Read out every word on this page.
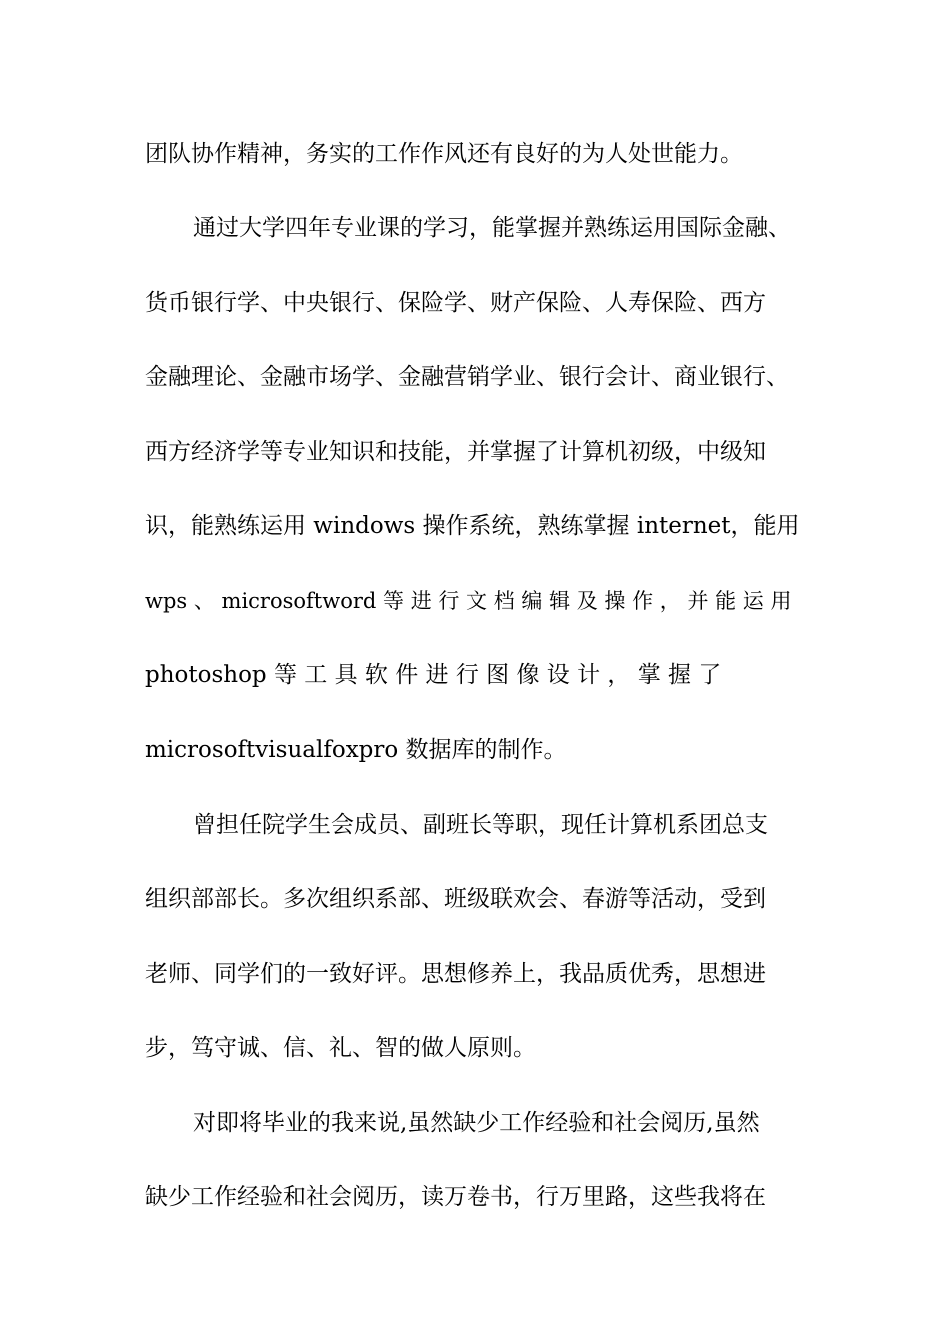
团队协作精神，务实的工作作风还有良好的为人处世能力。
通过大学四年专业课的学习，能掌握并熟练运用国际金融、
货币银行学、中央银行、保险学、财产保险、人寿保险、西方
金融理论、金融市场学、金融营销学业、银行会计、商业银行、
西方经济学等专业知识和技能，并掌握了计算机初级，中级知
识，能熟练运用 windows 操作系统，熟练掌握 internet，能用
wps 、 microsoftword 等 进 行 文 档 编 辑 及 操 作 ， 并 能 运 用
photoshop 等 工 具 软 件 进 行 图 像 设 计 ， 掌 握 了
microsoftvisualfoxpro 数据库的制作。
曾担任院学生会成员、副班长等职，现任计算机系团总支
组织部部长。多次组织系部、班级联欢会、春游等活动，受到
老师、同学们的一致好评。思想修养上，我品质优秀，思想进
步，笃守诚、信、礼、智的做人原则。
对即将毕业的我来说,虽然缺少工作经验和社会阅历,虽然
缺少工作经验和社会阅历，读万卷书，行万里路，这些我将在
